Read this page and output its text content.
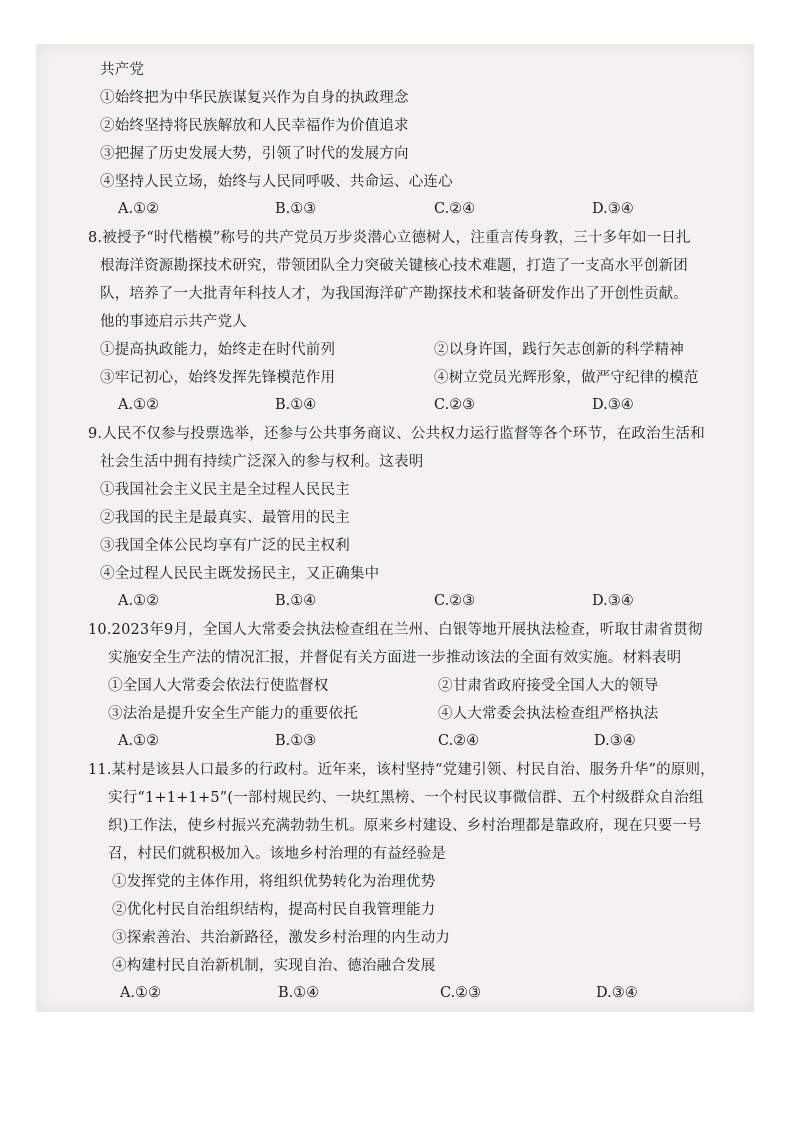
共产党
①始终把为中华民族谋复兴作为自身的执政理念
②始终坚持将民族解放和人民幸福作为价值追求
③把握了历史发展大势，引领了时代的发展方向
④坚持人民立场，始终与人民同呼吸、共命运、心连心
A.①②	B.①③	C.②④	D.③④
8.被授予“时代楷模”称号的共产党员万步炎潜心立德树人，注重言传身教，三十多年如一日扎
根海洋资源勘探技术研究，带领团队全力突破关键核心技术难题，打造了一支高水平创新团
队，培养了一大批青年科技人才，为我国海洋矿产勘探技术和装备研发作出了开创性贡献。
他的事迹启示共产党人
①提高执政能力，始终走在时代前列	②以身许国，践行矢志创新的科学精神
③牢记初心，始终发挥先锋模范作用	④树立党员光辉形象，做严守纪律的模范
A.①②	B.①④	C.②③	D.③④
9.人民不仅参与投票选举，还参与公共事务商议、公共权力运行监督等各个环节，在政治生活和
社会生活中拥有持续广泛深入的参与权利。这表明
①我国社会主义民主是全过程人民民主
②我国的民主是最真实、最管用的民主
③我国全体公民均享有广泛的民主权利
④全过程人民民主既发扬民主，又正确集中
A.①②	B.①④	C.②③	D.③④
10.2023年9月，全国人大常委会执法检查组在兰州、白银等地开展执法检查，听取甘肃省贯彻
实施安全生产法的情况汇报，并督促有关方面进一步推动该法的全面有效实施。材料表明
①全国人大常委会依法行使监督权	②甘肃省政府接受全国人大的领导
③法治是提升安全生产能力的重要依托	④人大常委会执法检查组严格执法
A.①②	B.①③	C.②④	D.③④
11.某村是该县人口最多的行政村。近年来，该村坚持“党建引领、村民自治、服务升华”的原则，
实行“1+1+1+5”(一部村规民约、一块红黑榜、一个村民议事微信群、五个村级群众自治组
织)工作法，使乡村振兴充满勃勃生机。原来乡村建设、乡村治理都是靠政府，现在只要一号
召，村民们就积极加入。该地乡村治理的有益经验是
①发挥党的主体作用，将组织优势转化为治理优势
②优化村民自治组织结构，提高村民自我管理能力
③探索善治、共治新路径，激发乡村治理的内生动力
④构建村民自治新机制，实现自治、德治融合发展
A.①②	B.①④	C.②③	D.③④
